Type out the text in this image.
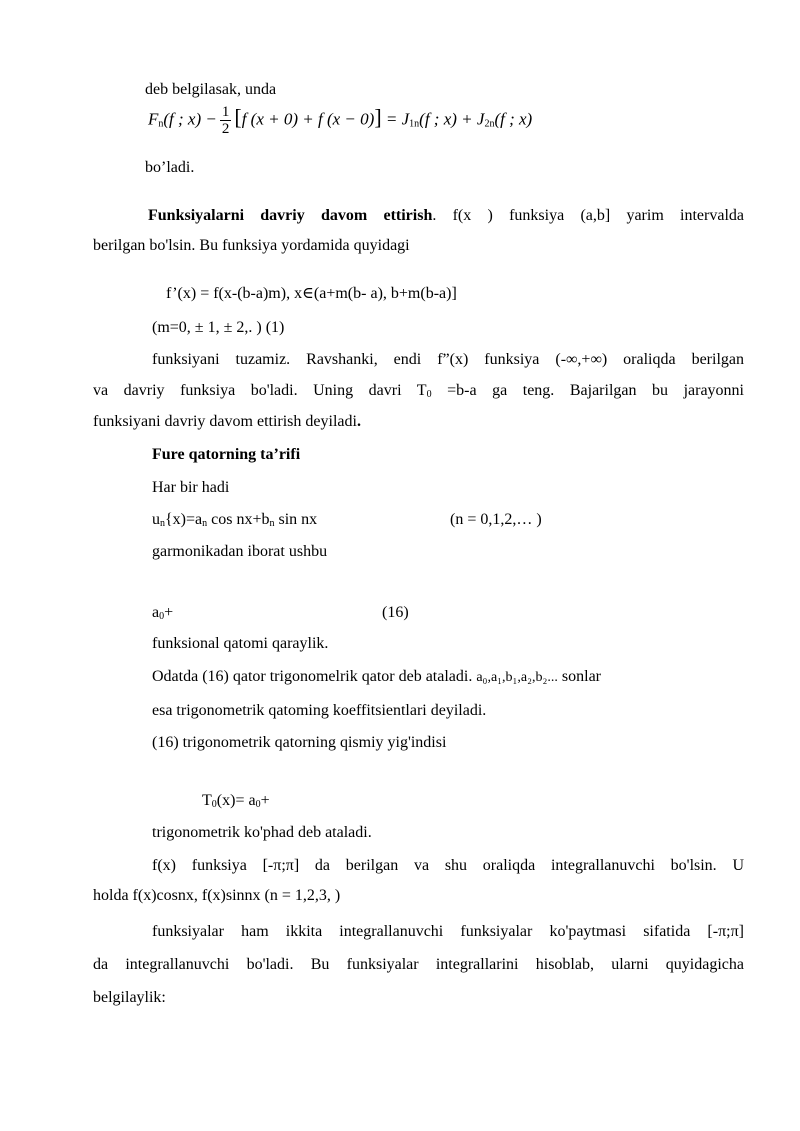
deb belgilasak, unda
$F_n(f$ ; $x) - \frac{1}{2} [f$ (x + 0) + f $(x - 0)] = J_{1n}(f$ ; $x) + J_{2n}(f$ ; x)
bo’ladi.
Funksiyalarni davriy davom ettirish. f(x ) funksiya (a,b] yarim intervalda
berilgan bo'lsin. Bu funksiya yordamida quyidagi
f’(x) = f(x-(b-a)m), x∈(a+m(b- a), b+m(b-a)]
(m=0, ± 1, ± 2,. ) (1)
funksiyani tuzamiz. Ravshanki, endi f”(x) funksiya (-∞,+∞) oraliqda berilgan
va davriy funksiya bo'ladi. Uning davri $T_0 =b-a$ ga teng. Bajarilgan bu jarayonni
funksiyani davriy davom ettirish deyiladi.
Fure qatorning ta’rifi
Har bir hadi
$u_n\{x)=a_n$ $\cos nx+b_n$ sin nx	(n = 0,1,2,… )
garmonikadan iborat ushbu
$a_0+$	(16)
funksional qatomi qaraylik.
Odatda (16) qator trigonomelrik qator deb ataladi. a₀,a₁,b₁,a₂,b₂... sonlar
esa trigonometrik qatoming koeffitsientlari deyiladi.
(16) trigonometrik qatorning qismiy yig'indisi
$T_0(x)= a_0+$
trigonometrik ko'phad deb ataladi.
f(x) funksiya [-π;π] da berilgan va shu oraliqda integrallanuvchi bo'lsin. U
holda f(x)cosnx, f(x)sinnx (n = 1,2,3, )
funksiyalar ham ikkita integrallanuvchi funksiyalar ko'paytmasi sifatida [-π;π]
da integrallanuvchi bo'ladi. Bu funksiyalar integrallarini hisoblab, ularni quyidagicha
belgilaylik:
